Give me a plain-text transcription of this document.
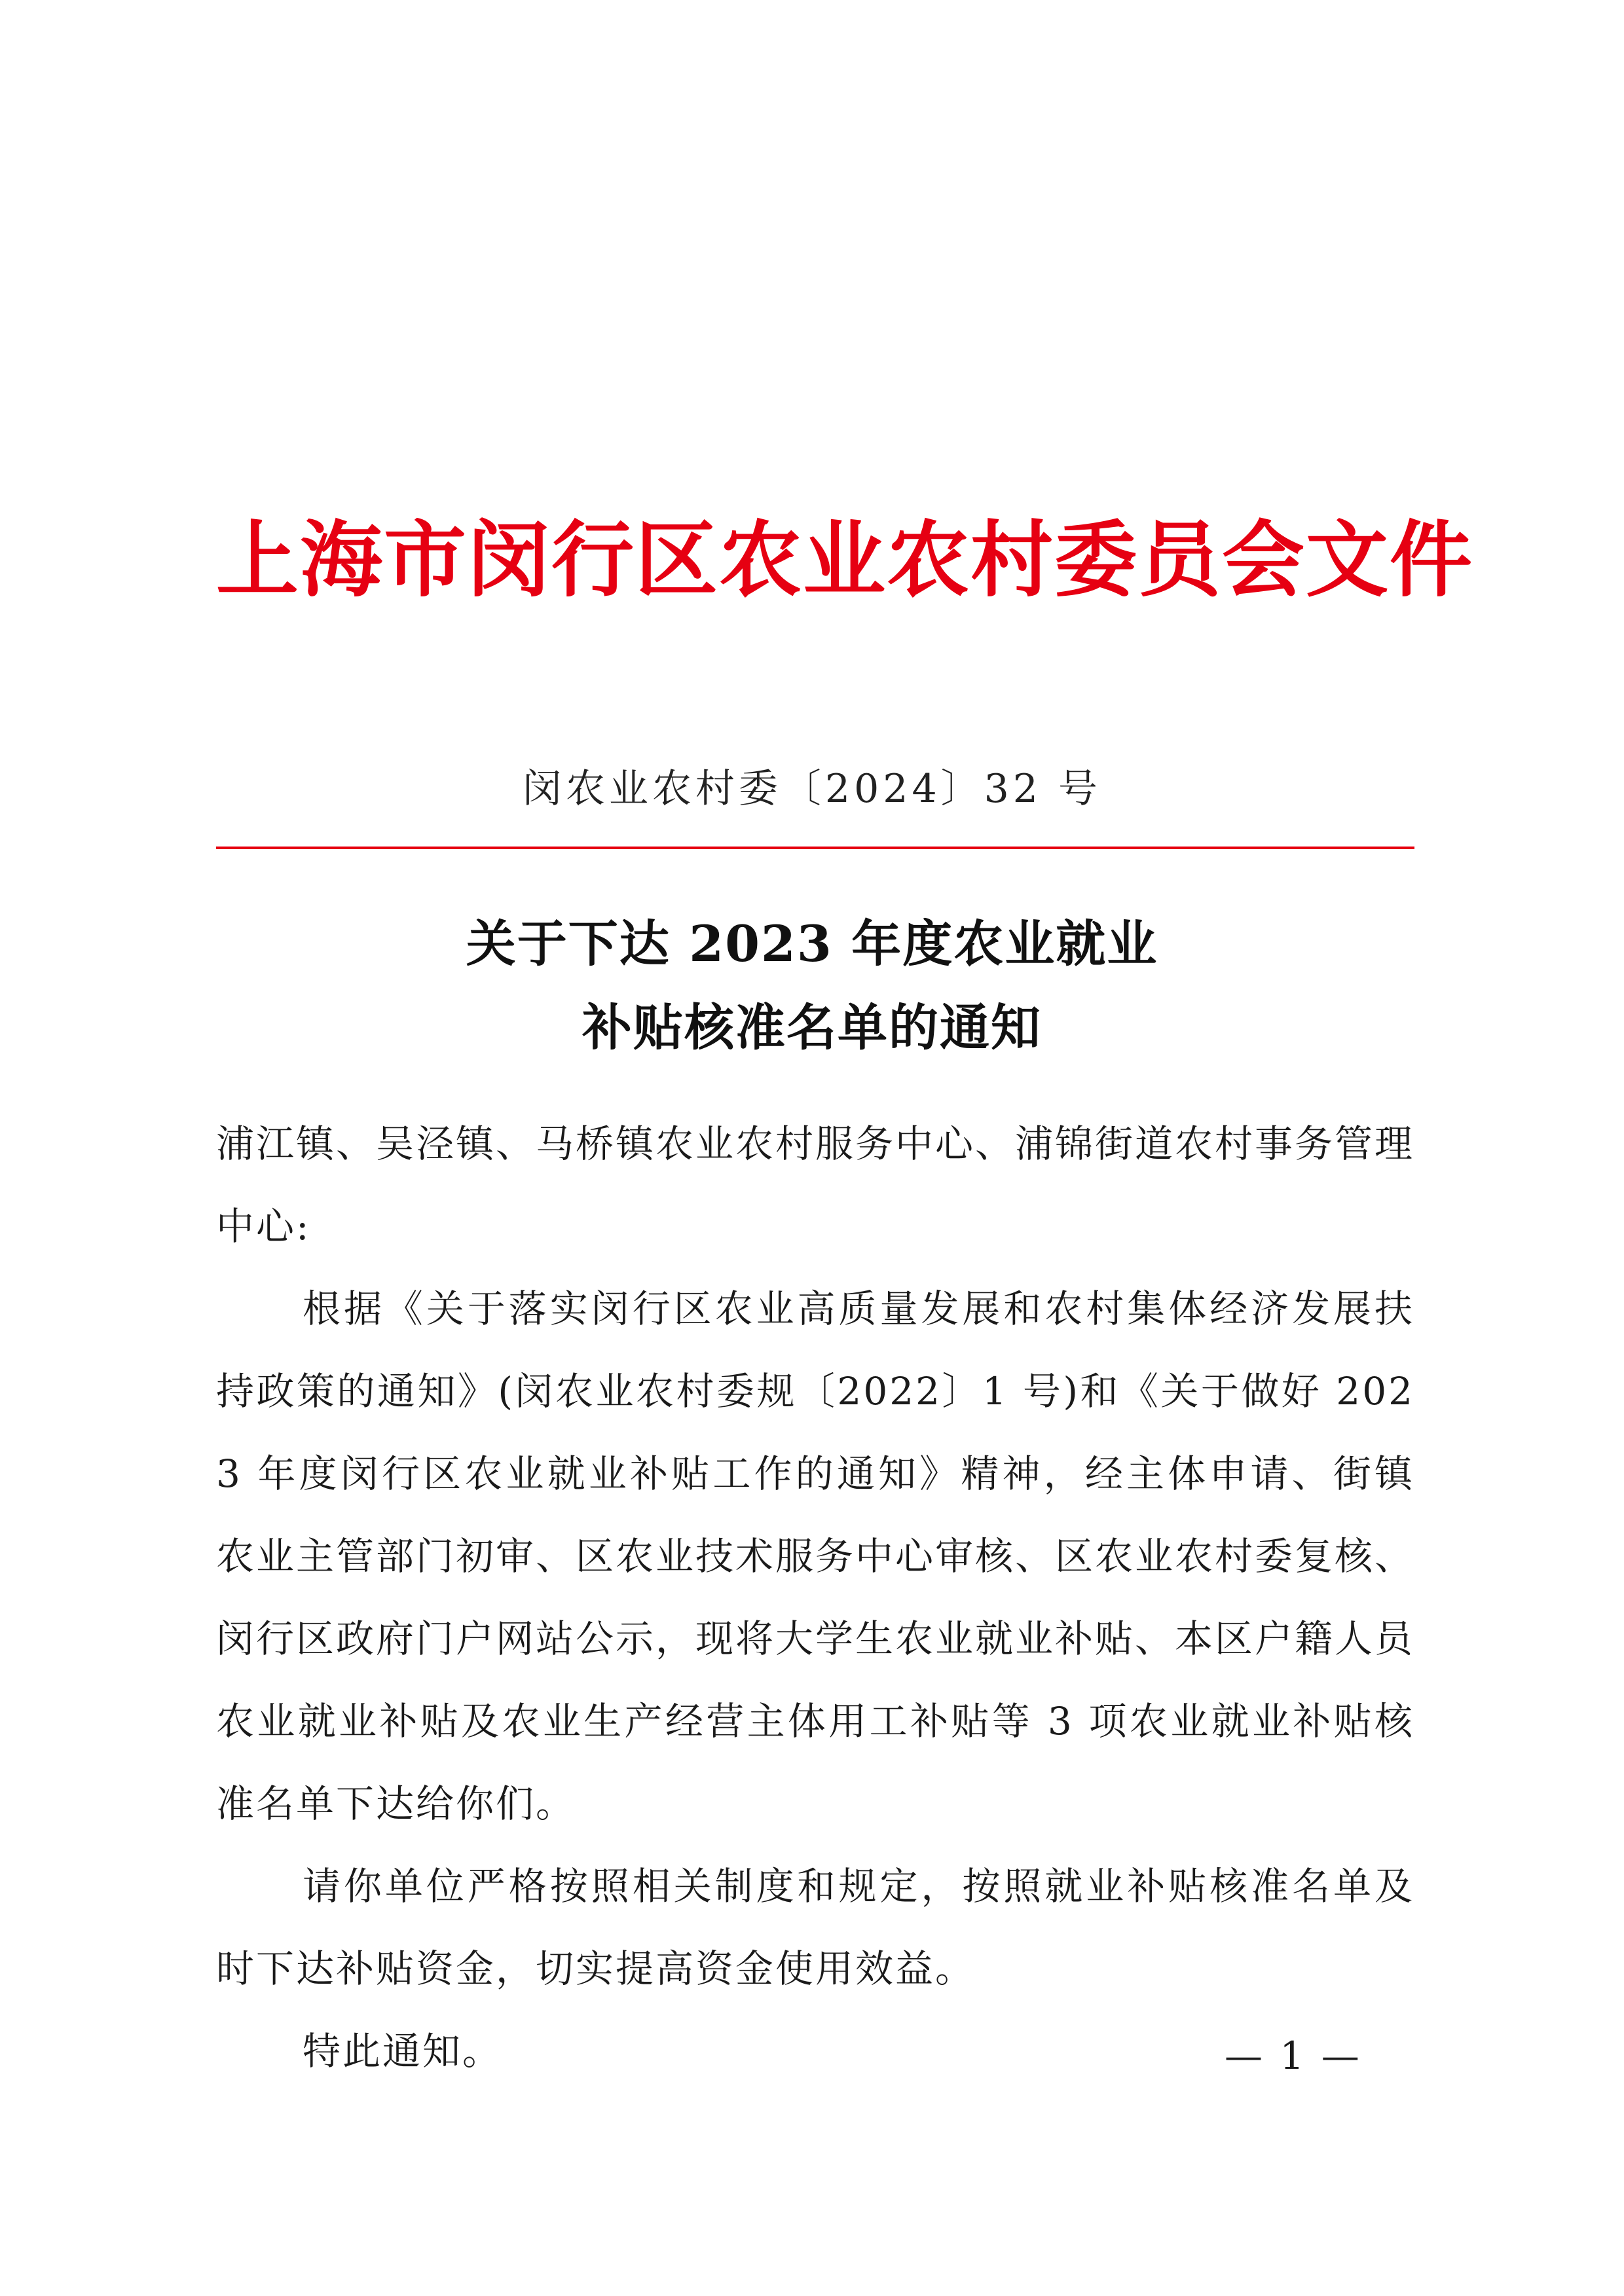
上海市闵行区农业农村委员会文件
闵农业农村委〔2024〕32 号
关于下达 2023 年度农业就业
补贴核准名单的通知

浦江镇、吴泾镇、马桥镇农业农村服务中心、浦锦街道农村事务管理中心:

根据《关于落实闵行区农业高质量发展和农村集体经济发展扶持政策的通知》(闵农业农村委规〔2022〕1 号)和《关于做好 2023 年度闵行区农业就业补贴工作的通知》精神，经主体申请、街镇农业主管部门初审、区农业技术服务中心审核、区农业农村委复核、闵行区政府门户网站公示，现将大学生农业就业补贴、本区户籍人员农业就业补贴及农业生产经营主体用工补贴等 3 项农业就业补贴核准名单下达给你们。

请你单位严格按照相关制度和规定，按照就业补贴核准名单及时下达补贴资金，切实提高资金使用效益。

特此通知。	— 1 —
